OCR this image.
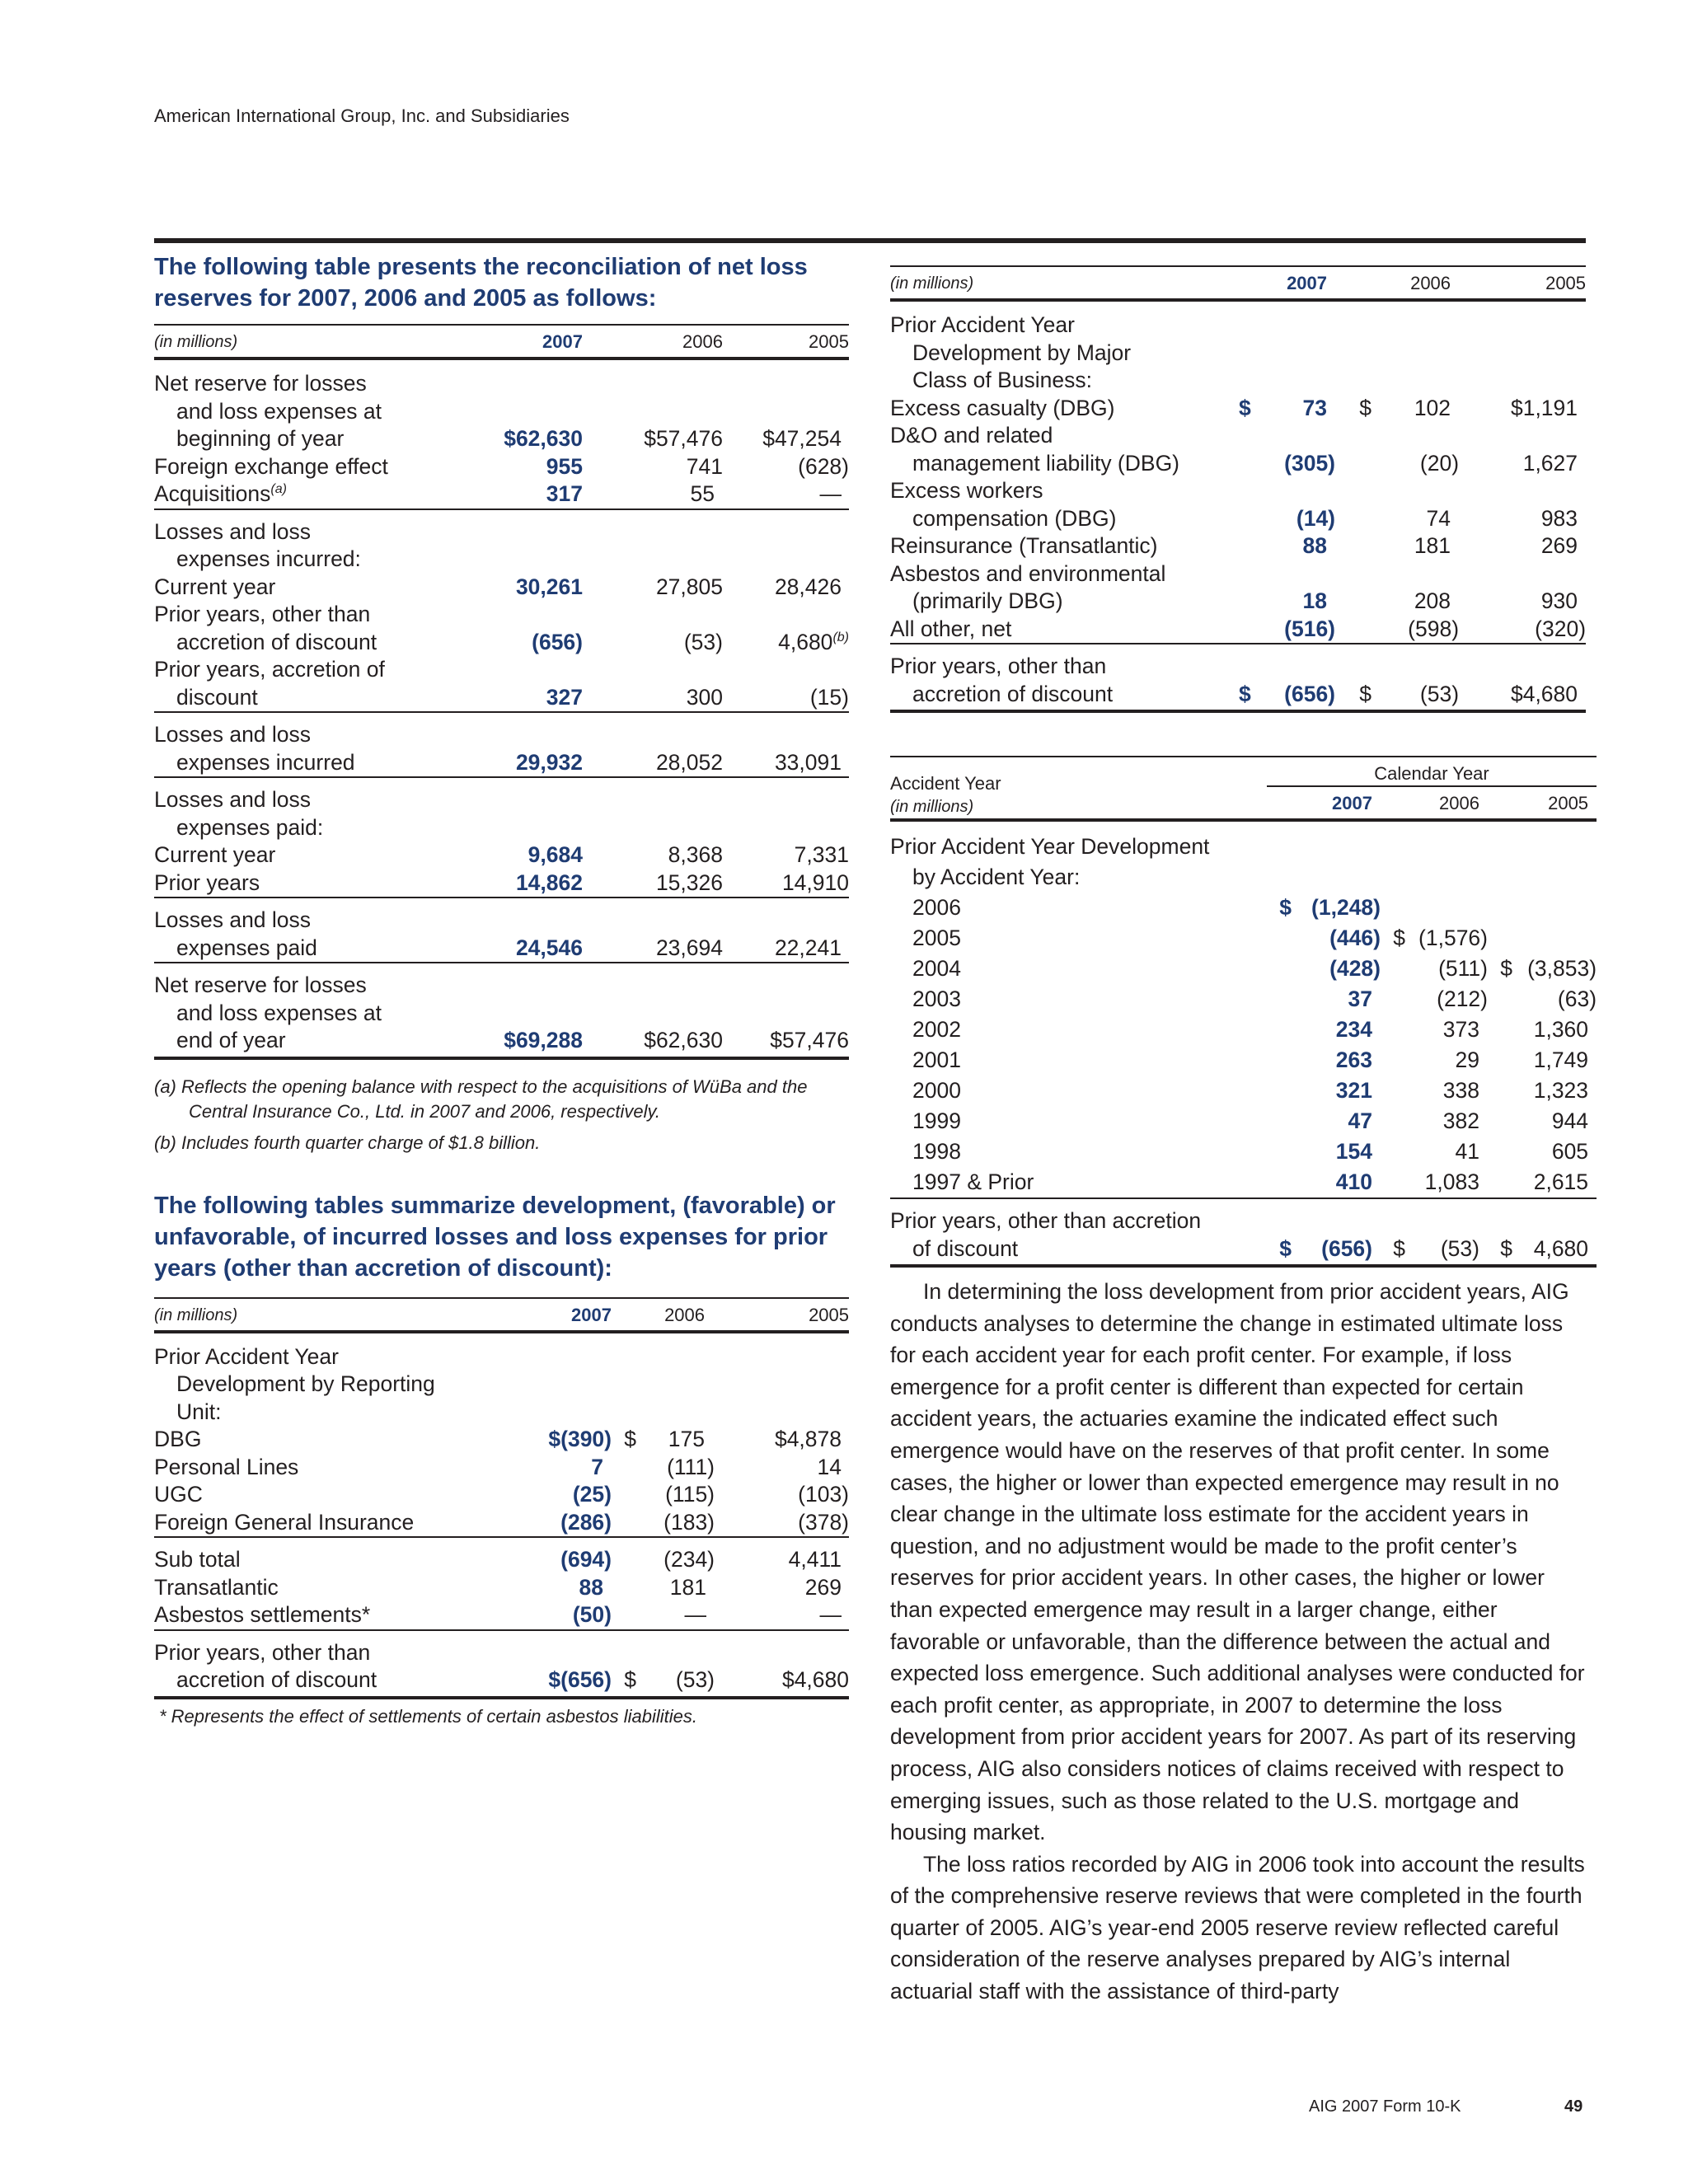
American International Group, Inc. and Subsidiaries
The following table presents the reconciliation of net loss reserves for 2007, 2006 and 2005 as follows:
(in millions)	2007	2006	2005
Net reserve for losses			
and loss expenses at			
beginning of year	$62,630	$57,476	$47,254
Foreign exchange effect	955	741	(628)
Acquisitions$^{(a)}$	317	55	—
Losses and loss			
expenses incurred:			
Current year	30,261	27,805	28,426
Prior years, other than			
accretion of discount	(656)	(53)	4,680$^{(b)}$
Prior years, accretion of			
discount	327	300	(15)
Losses and loss			
expenses incurred	29,932	28,052	33,091
Losses and loss			
expenses paid:			
Current year	9,684	8,368	7,331
Prior years	14,862	15,326	14,910
Losses and loss			
expenses paid	24,546	23,694	22,241
Net reserve for losses			
and loss expenses at			
end of year	$69,288	$62,630	$57,476

(a) Reflects the opening balance with respect to the acquisitions of WüBa and the Central Insurance Co., Ltd. in 2007 and 2006, respectively.

(b) Includes fourth quarter charge of $1.8 billion.

The following tables summarize development, (favorable) or unfavorable, of incurred losses and loss expenses for prior years (other than accretion of discount):
(in millions)	2007	2006		2005
Prior Accident Year				
Development by Reporting				
Unit:				
DBG	$(390)	$	175	$4,878
Personal Lines	7		(111)	14
UGC	(25)		(115)	(103)
Foreign General Insurance	(286)		(183)	(378)
Sub total	(694)		(234)	4,411
Transatlantic	88		181	269
Asbestos settlements*	(50)		—	—
Prior years, other than				
accretion of discount	$(656)	$	(53)	$4,680
* Represents the effect of settlements of certain asbestos liabilities.
(in millions)	2007		2006		2005
Prior Accident Year					
Development by Major					
Class of Business:					
Excess casualty (DBG)	$	73	$	102	$1,191
D&O and related					
management liability (DBG)		(305)		(20)	1,627
Excess workers					
compensation (DBG)		(14)		74	983
Reinsurance (Transatlantic)		88		181	269
Asbestos and environmental					
(primarily DBG)		18		208	930
All other, net		(516)		(598)	(320)
Prior years, other than					
accretion of discount	$	(656)	$	(53)	$4,680
Accident Year
(in millions)	Calendar Year					
	2007		2006		2005	

Prior Accident Year Development						
by Accident Year:						
2006	$	(1,248)				
2005		(446)	$	(1,576)		
2004		(428)		(511)	$	(3,853)
2003		37		(212)		(63)
2002		234		373		1,360
2001		263		29		1,749
2000		321		338		1,323
1999		47		382		944
1998		154		41		605
1997 & Prior		410		1,083		2,615
Prior years, other than accretion						
of discount	$	(656)	$	(53)	$	4,680

In determining the loss development from prior accident years, AIG conducts analyses to determine the change in estimated ultimate loss for each accident year for each profit center. For example, if loss emergence for a profit center is different than expected for certain accident years, the actuaries examine the indicated effect such emergence would have on the reserves of that profit center. In some cases, the higher or lower than expected emergence may result in no clear change in the ultimate loss estimate for the accident years in question, and no adjustment would be made to the profit center’s reserves for prior accident years. In other cases, the higher or lower than expected emergence may result in a larger change, either favorable or unfavorable, than the difference between the actual and expected loss emergence. Such additional analyses were conducted for each profit center, as appropriate, in 2007 to determine the loss development from prior accident years for 2007. As part of its reserving process, AIG also considers notices of claims received with respect to emerging issues, such as those related to the U.S. mortgage and housing market.

The loss ratios recorded by AIG in 2006 took into account the results of the comprehensive reserve reviews that were completed in the fourth quarter of 2005. AIG’s year-end 2005 reserve review reflected careful consideration of the reserve analyses prepared by AIG’s internal actuarial staff with the assistance of third-party

AIG 2007 Form 10-K	49
